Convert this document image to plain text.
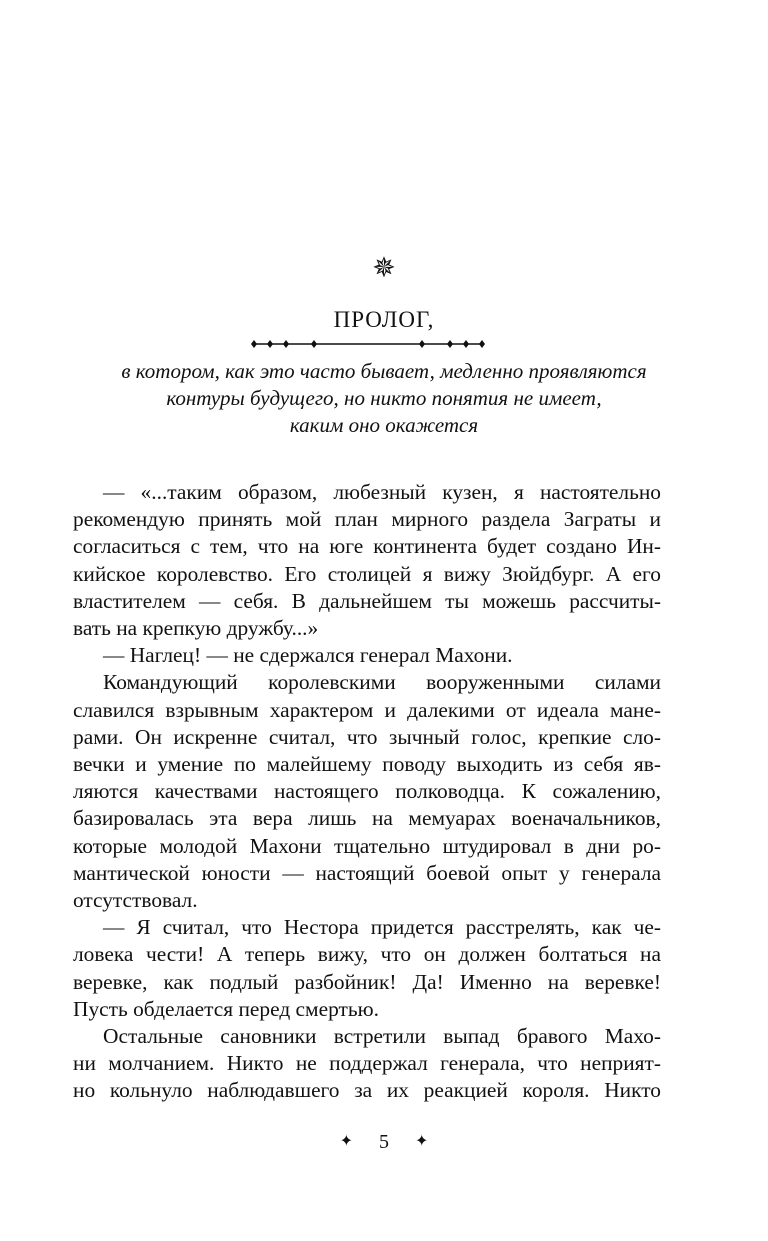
✵
ПРОЛОГ,
в котором, как это часто бывает, медленно проявляются
контуры будущего, но никто понятия не имеет,
каким оно окажется
— «...таким образом, любезный кузен, я настоятельно
рекомендую принять мой план мирного раздела Заграты и
согласиться с тем, что на юге континента будет создано Ин-
кийское королевство. Его столицей я вижу Зюйдбург. А его
властителем — себя. В дальнейшем ты можешь рассчиты-
вать на крепкую дружбу...»
— Наглец! — не сдержался генерал Махони.
Командующий королевскими вооруженными силами
славился взрывным характером и далекими от идеала мане-
рами. Он искренне считал, что зычный голос, крепкие сло-
вечки и умение по малейшему поводу выходить из себя яв-
ляются качествами настоящего полководца. К сожалению,
базировалась эта вера лишь на мемуарах военачальников,
которые молодой Махони тщательно штудировал в дни ро-
мантической юности — настоящий боевой опыт у генерала
отсутствовал.
— Я считал, что Нестора придется расстрелять, как че-
ловека чести! А теперь вижу, что он должен болтаться на
веревке, как подлый разбойник! Да! Именно на веревке!
Пусть обделается перед смертью.
Остальные сановники встретили выпад бравого Махо-
ни молчанием. Никто не поддержал генерала, что неприят-
но кольнуло наблюдавшего за их реакцией короля. Никто
✦ 5 ✦
